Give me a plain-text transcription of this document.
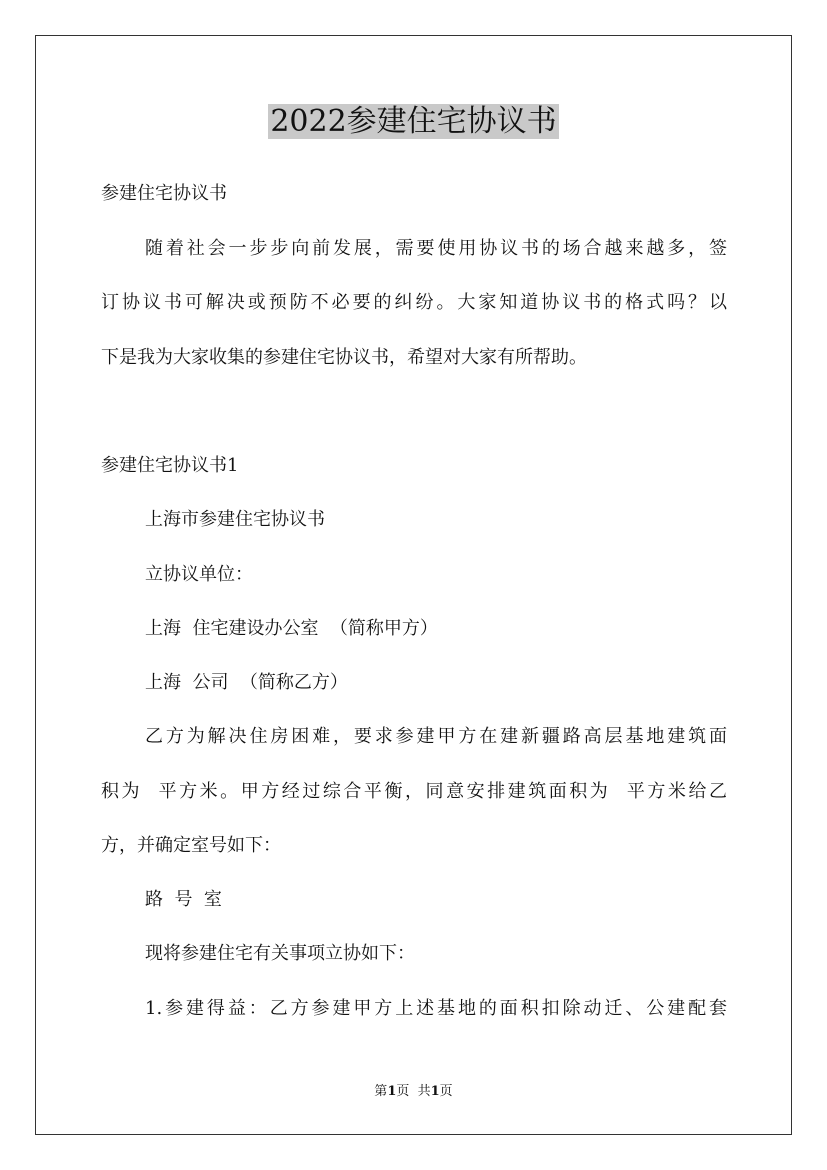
2022参建住宅协议书
参建住宅协议书
随着社会一步步向前发展，需要使用协议书的场合越来越多，签
订协议书可解决或预防不必要的纠纷。大家知道协议书的格式吗？以
下是我为大家收集的参建住宅协议书，希望对大家有所帮助。
参建住宅协议书1
上海市参建住宅协议书
立协议单位：
上海  住宅建设办公室  （简称甲方）
上海  公司  （简称乙方）
乙方为解决住房困难，要求参建甲方在建新疆路高层基地建筑面
积为  平方米。甲方经过综合平衡，同意安排建筑面积为  平方米给乙
方，并确定室号如下：
路  号  室
现将参建住宅有关事项立协如下：
1.参建得益：乙方参建甲方上述基地的面积扣除动迁、公建配套
第1页  共1页
